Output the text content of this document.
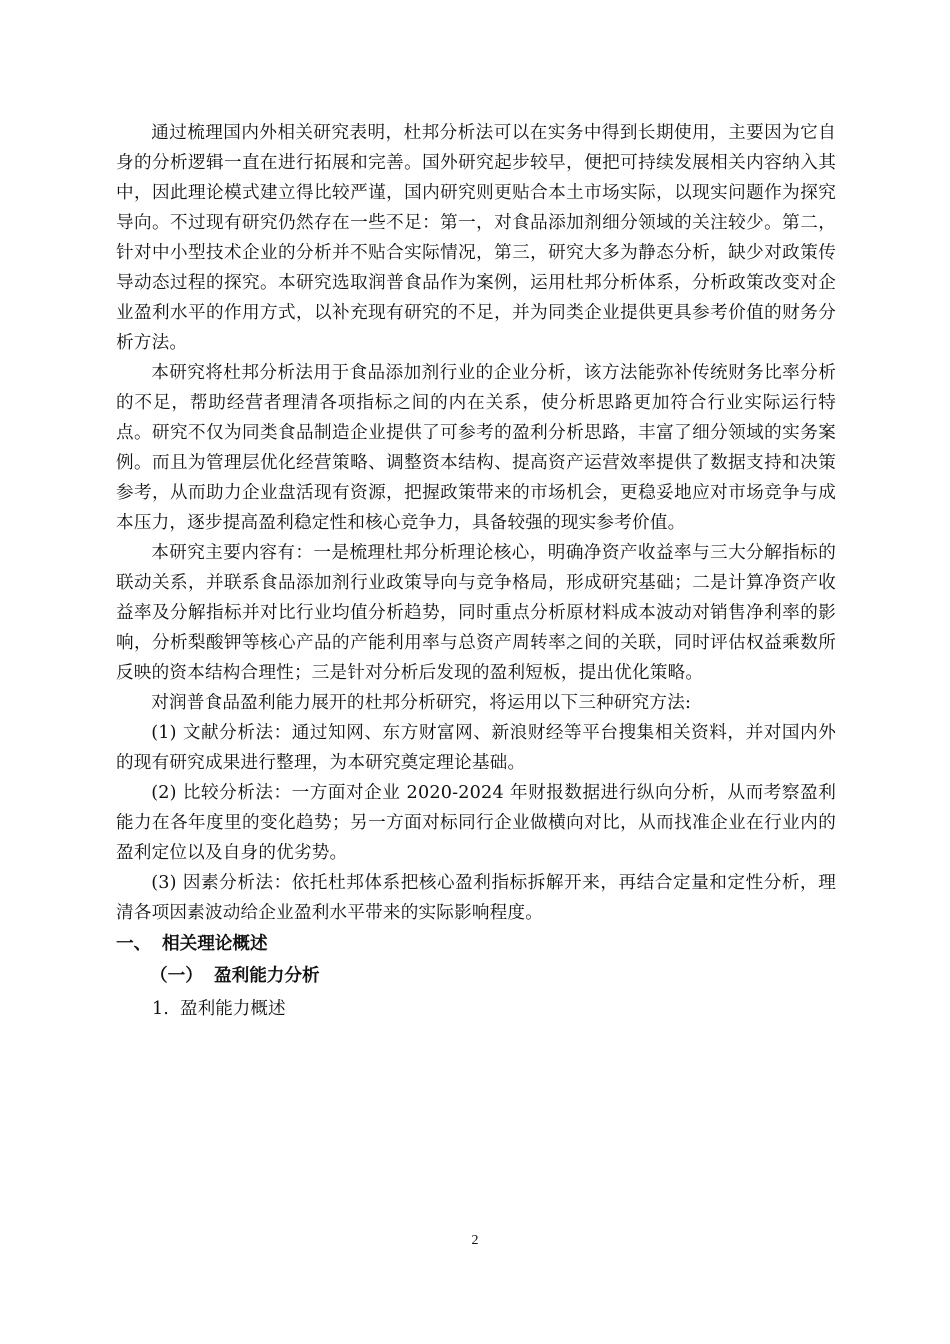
通过梳理国内外相关研究表明，杜邦分析法可以在实务中得到长期使用，主要因为它自身的分析逻辑一直在进行拓展和完善。国外研究起步较早，便把可持续发展相关内容纳入其中，因此理论模式建立得比较严谨，国内研究则更贴合本土市场实际，以现实问题作为探究导向。不过现有研究仍然存在一些不足：第一，对食品添加剂细分领域的关注较少。第二，针对中小型技术企业的分析并不贴合实际情况，第三，研究大多为静态分析，缺少对政策传导动态过程的探究。本研究选取润普食品作为案例，运用杜邦分析体系，分析政策改变对企业盈利水平的作用方式，以补充现有研究的不足，并为同类企业提供更具参考价值的财务分析方法。

本研究将杜邦分析法用于食品添加剂行业的企业分析，该方法能弥补传统财务比率分析的不足，帮助经营者理清各项指标之间的内在关系，使分析思路更加符合行业实际运行特点。研究不仅为同类食品制造企业提供了可参考的盈利分析思路，丰富了细分领域的实务案例。而且为管理层优化经营策略、调整资本结构、提高资产运营效率提供了数据支持和决策参考，从而助力企业盘活现有资源，把握政策带来的市场机会，更稳妥地应对市场竞争与成本压力，逐步提高盈利稳定性和核心竞争力，具备较强的现实参考价值。

本研究主要内容有：一是梳理杜邦分析理论核心，明确净资产收益率与三大分解指标的联动关系，并联系食品添加剂行业政策导向与竞争格局，形成研究基础；二是计算净资产收益率及分解指标并对比行业均值分析趋势，同时重点分析原材料成本波动对销售净利率的影响，分析梨酸钾等核心产品的产能利用率与总资产周转率之间的关联，同时评估权益乘数所反映的资本结构合理性；三是针对分析后发现的盈利短板，提出优化策略。

对润普食品盈利能力展开的杜邦分析研究，将运用以下三种研究方法:

(1) 文献分析法：通过知网、东方财富网、新浪财经等平台搜集相关资料，并对国内外的现有研究成果进行整理，为本研究奠定理论基础。

(2) 比较分析法：一方面对企业 2020-2024 年财报数据进行纵向分析，从而考察盈利能力在各年度里的变化趋势；另一方面对标同行企业做横向对比，从而找准企业在行业内的盈利定位以及自身的优劣势。

(3) 因素分析法：依托杜邦体系把核心盈利指标拆解开来，再结合定量和定性分析，理清各项因素波动给企业盈利水平带来的实际影响程度。

一、 相关理论概述

（一） 盈利能力分析

1. 盈利能力概述

2
